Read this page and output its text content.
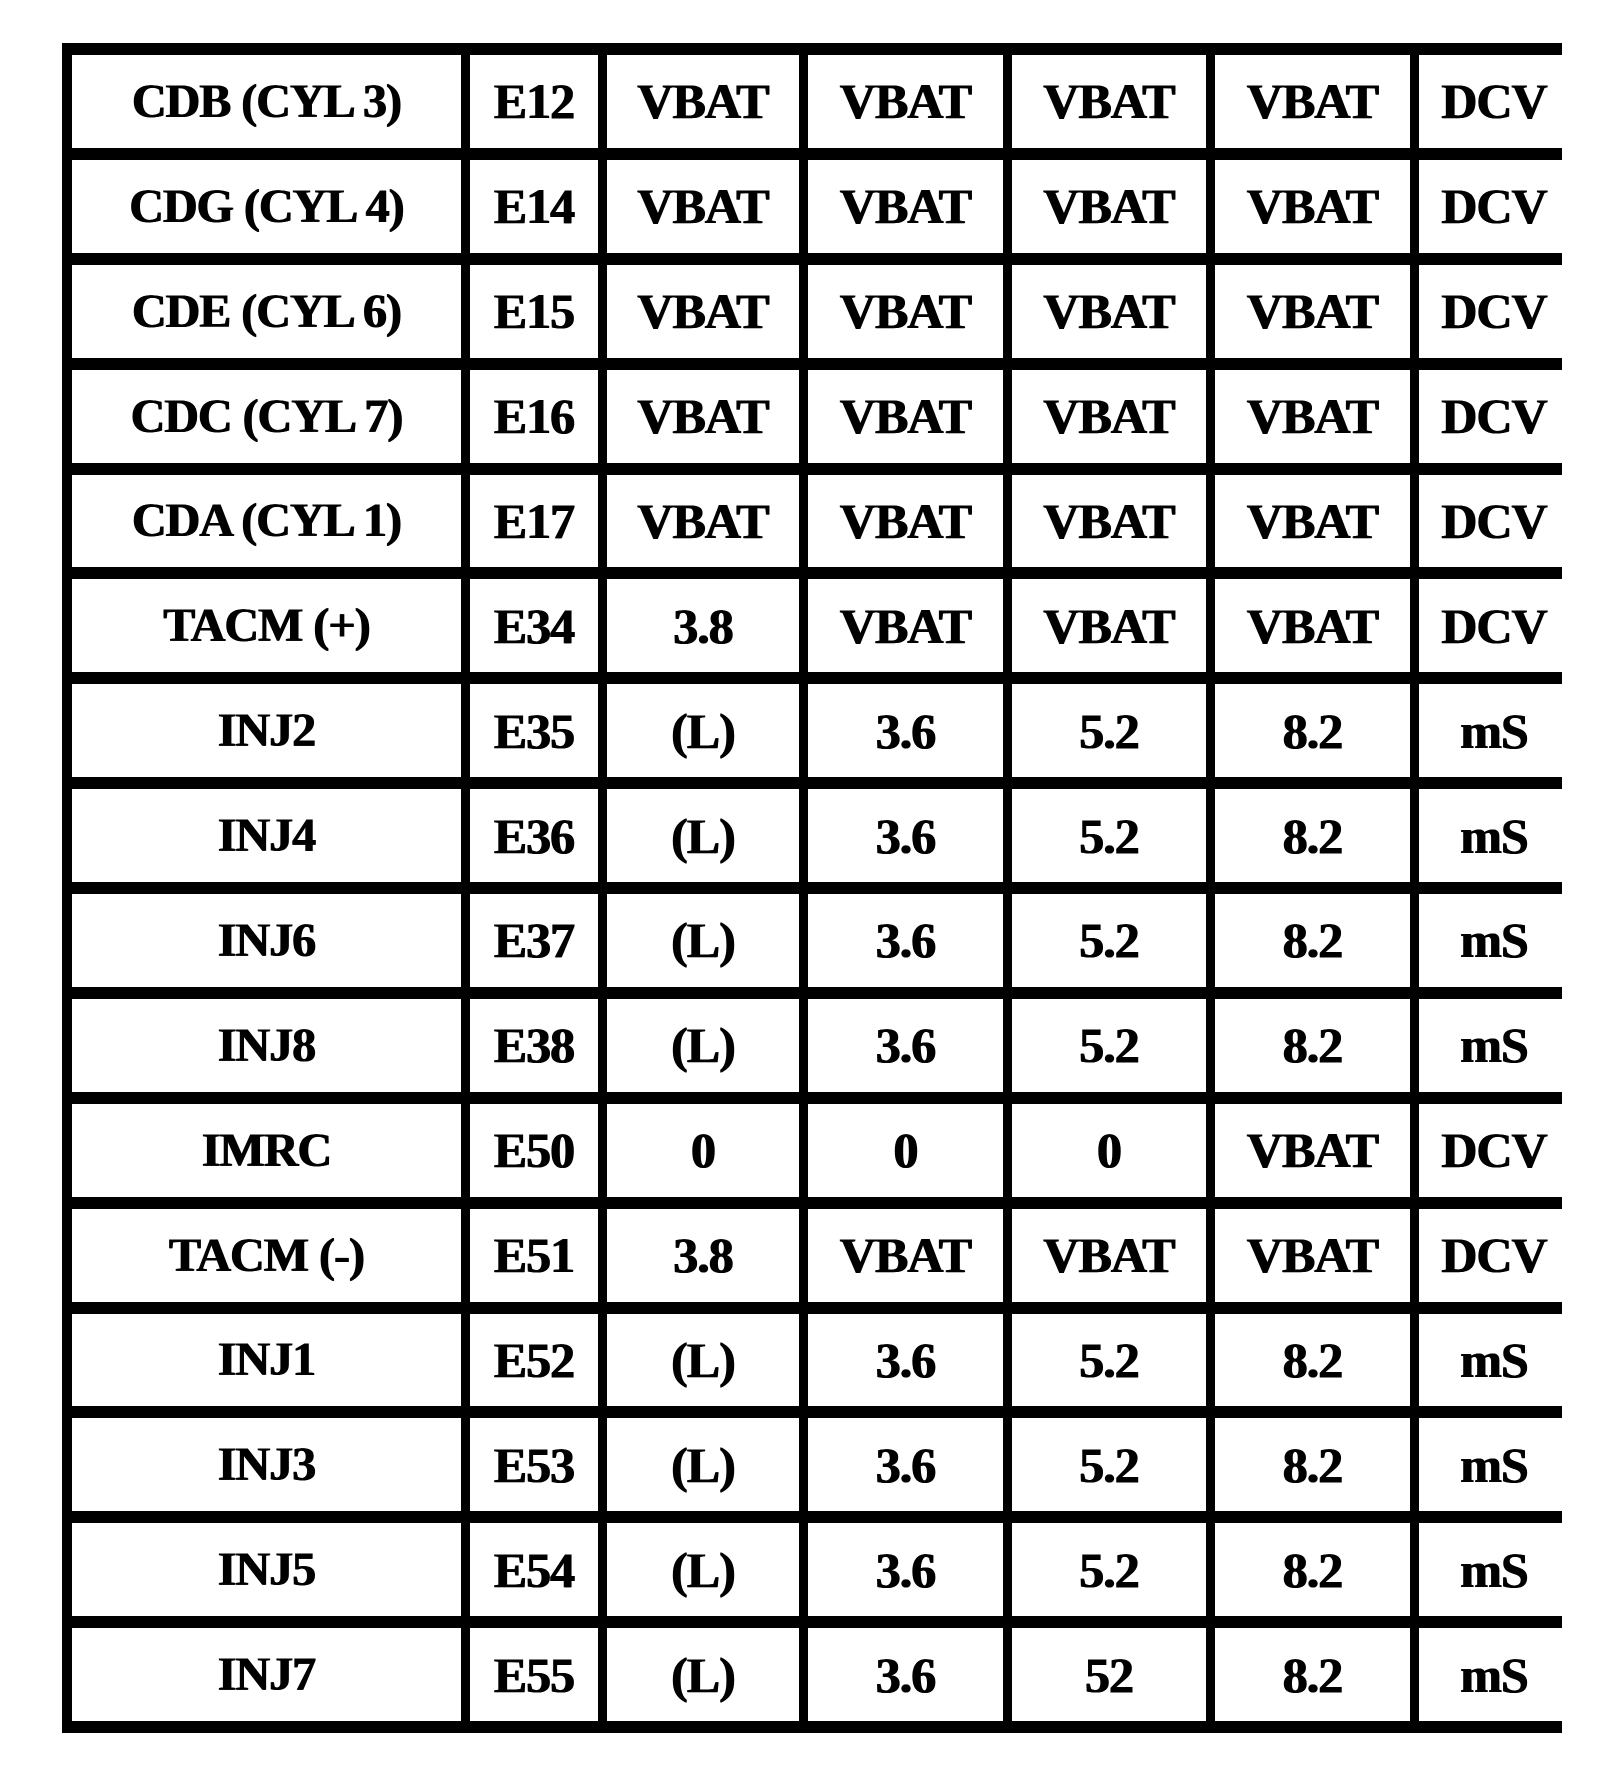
CDB (CYL 3)	E12	VBAT	VBAT	VBAT	VBAT	DCV
CDG (CYL 4)	E14	VBAT	VBAT	VBAT	VBAT	DCV
CDE (CYL 6)	E15	VBAT	VBAT	VBAT	VBAT	DCV
CDC (CYL 7)	E16	VBAT	VBAT	VBAT	VBAT	DCV
CDA (CYL 1)	E17	VBAT	VBAT	VBAT	VBAT	DCV
TACM (+)	E34	3.8	VBAT	VBAT	VBAT	DCV
INJ2	E35	(L)	3.6	5.2	8.2	mS
INJ4	E36	(L)	3.6	5.2	8.2	mS
INJ6	E37	(L)	3.6	5.2	8.2	mS
INJ8	E38	(L)	3.6	5.2	8.2	mS
IMRC	E50	0	0	0	VBAT	DCV
TACM (-)	E51	3.8	VBAT	VBAT	VBAT	DCV
INJ1	E52	(L)	3.6	5.2	8.2	mS
INJ3	E53	(L)	3.6	5.2	8.2	mS
INJ5	E54	(L)	3.6	5.2	8.2	mS
INJ7	E55	(L)	3.6	52	8.2	mS
